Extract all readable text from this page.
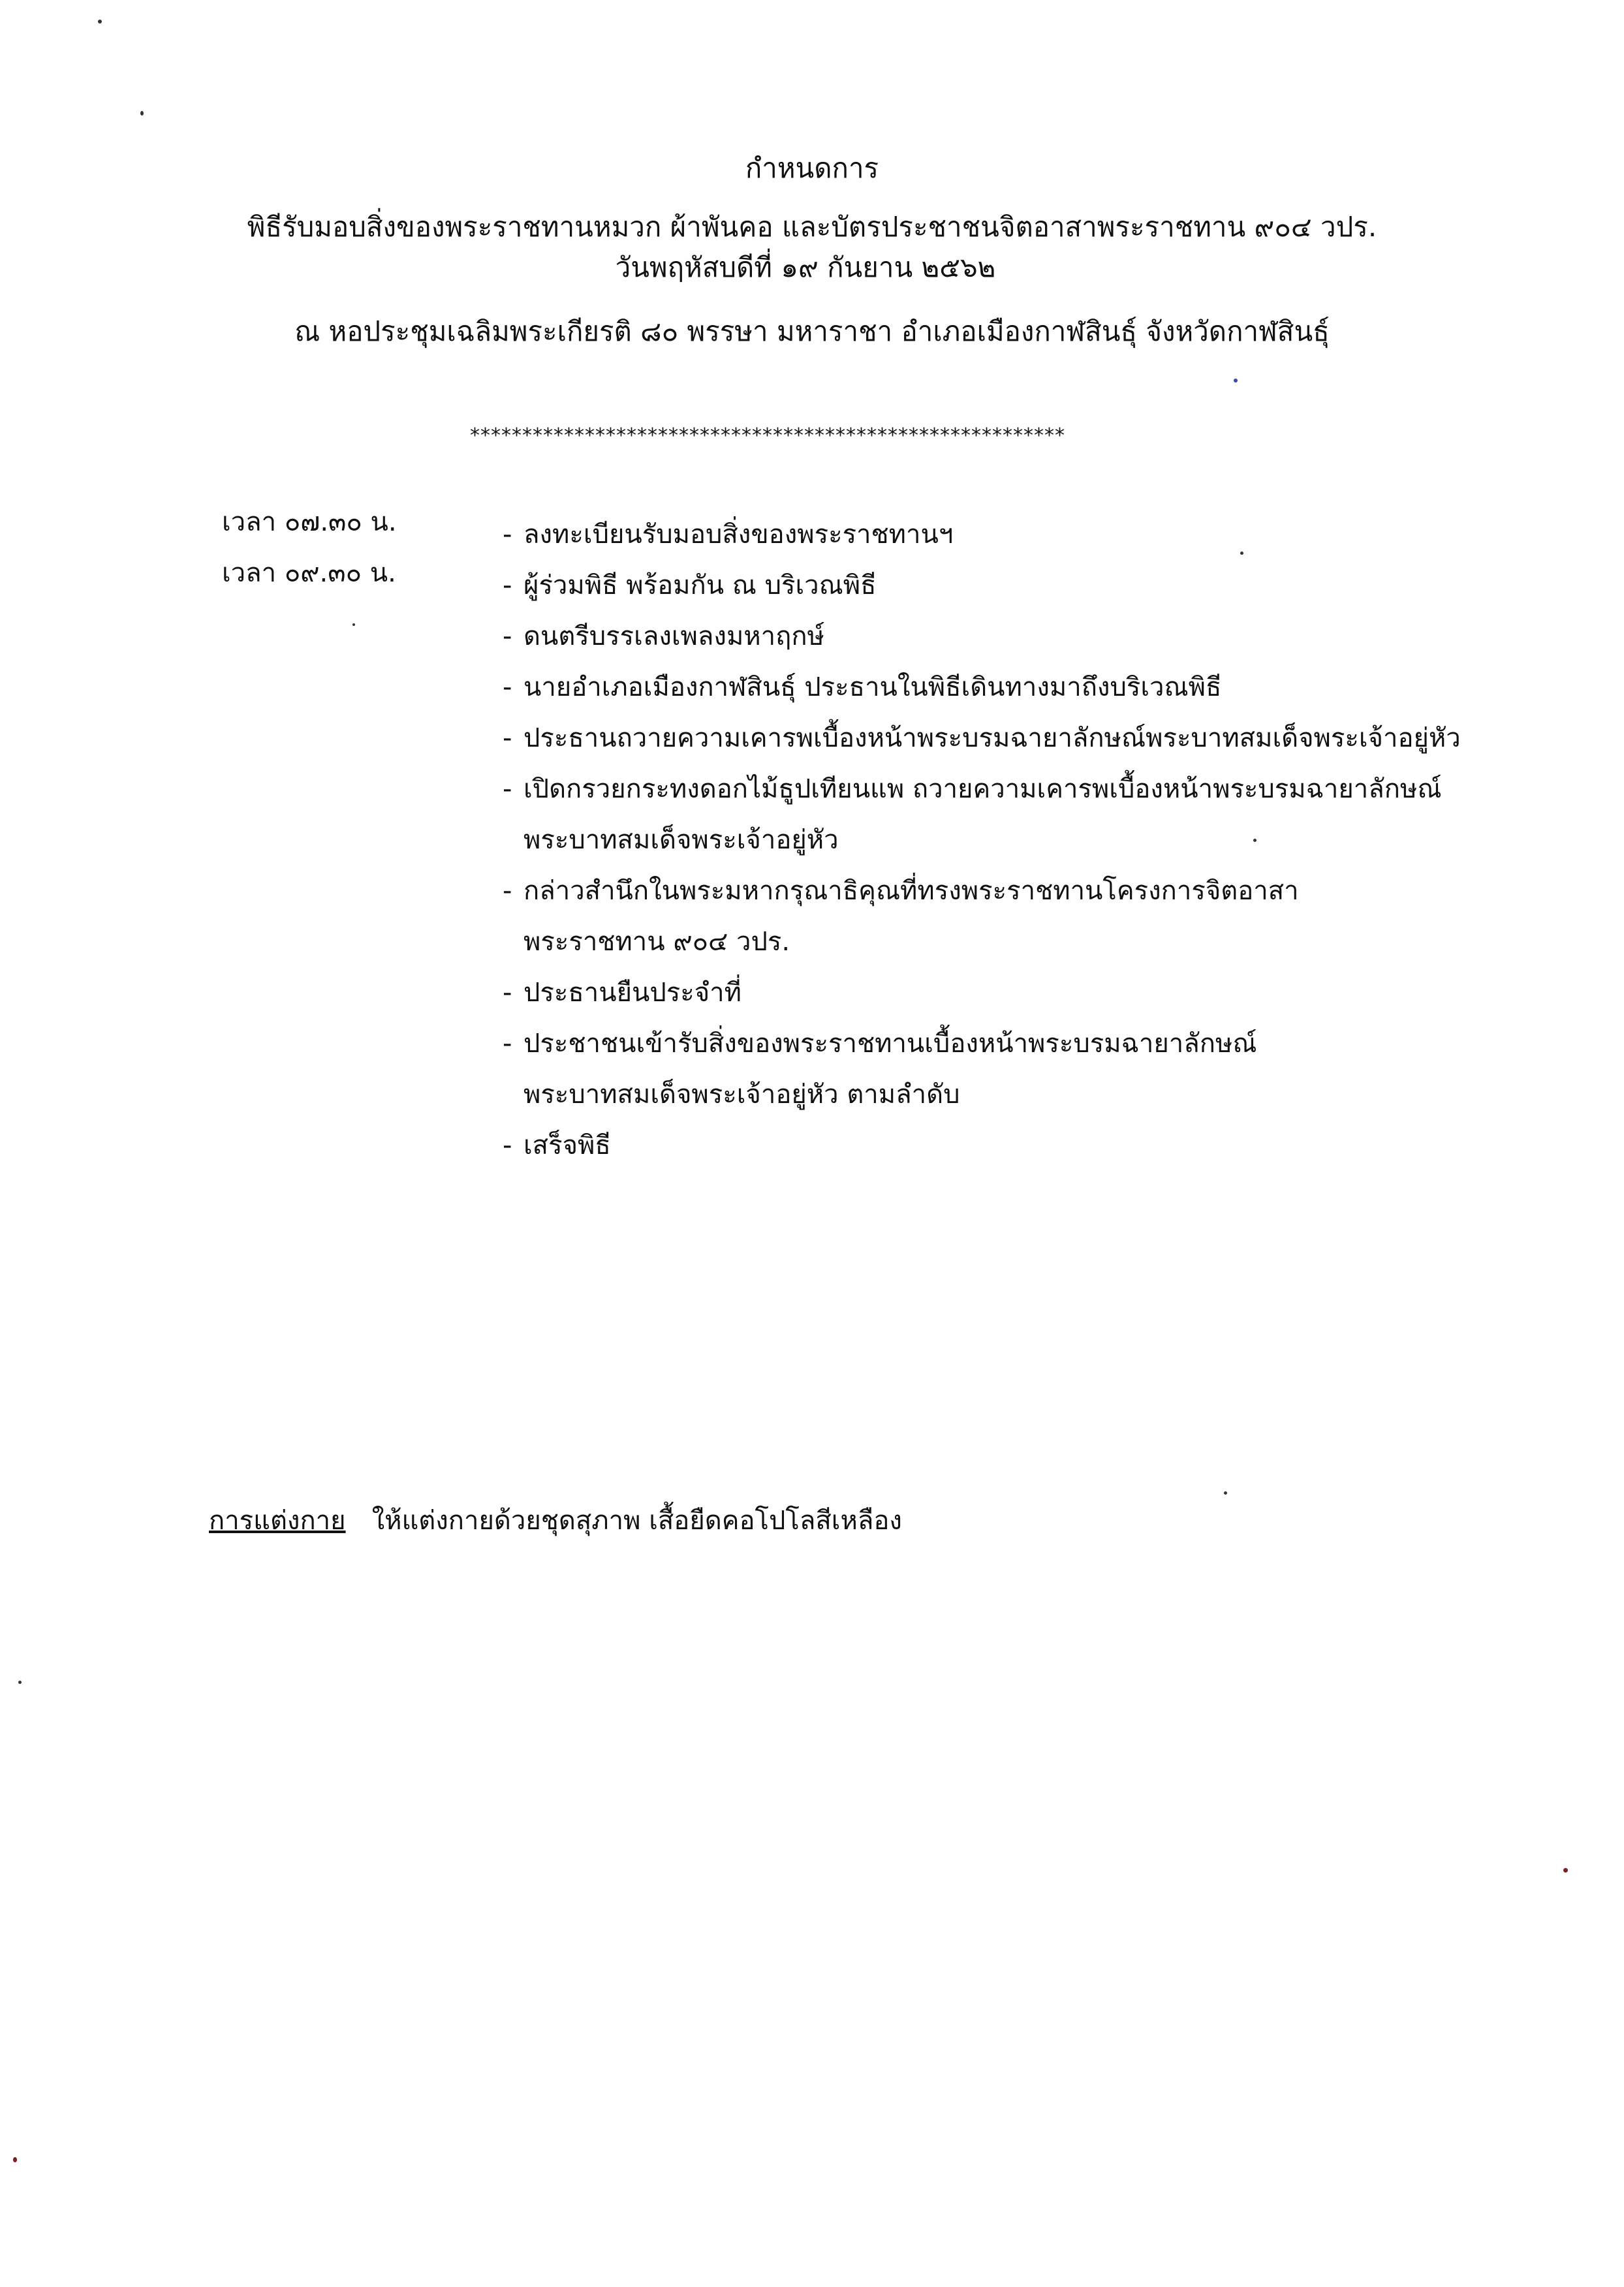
กำหนดการ
พิธีรับมอบสิ่งของพระราชทานหมวก ผ้าพันคอ และบัตรประชาชนจิตอาสาพระราชทาน ๙๐๔ วปร.
วันพฤหัสบดีที่ ๑๙ กันยาน ๒๕๖๒
ณ หอประชุมเฉลิมพระเกียรติ ๘๐ พรรษา มหาราชา อำเภอเมืองกาฬสินธุ์ จังหวัดกาฬสินธุ์
*********************************************************
เวลา ๐๗.๓๐ น.
เวลา ๐๙.๓๐ น.
- ลงทะเบียนรับมอบสิ่งของพระราชทานฯ
- ผู้ร่วมพิธี พร้อมกัน ณ บริเวณพิธี
- ดนตรีบรรเลงเพลงมหาฤกษ์
- นายอำเภอเมืองกาฬสินธุ์ ประธานในพิธีเดินทางมาถึงบริเวณพิธี
- ประธานถวายความเคารพเบื้องหน้าพระบรมฉายาลักษณ์พระบาทสมเด็จพระเจ้าอยู่หัว
- เปิดกรวยกระทงดอกไม้ธูปเทียนแพ ถวายความเคารพเบื้องหน้าพระบรมฉายาลักษณ์
พระบาทสมเด็จพระเจ้าอยู่หัว
- กล่าวสำนึกในพระมหากรุณาธิคุณที่ทรงพระราชทานโครงการจิตอาสา
พระราชทาน ๙๐๔ วปร.
- ประธานยืนประจำที่
- ประชาชนเข้ารับสิ่งของพระราชทานเบื้องหน้าพระบรมฉายาลักษณ์
พระบาทสมเด็จพระเจ้าอยู่หัว ตามลำดับ
- เสร็จพิธี
การแต่งกาย ให้แต่งกายด้วยชุดสุภาพ เสื้อยืดคอโปโลสีเหลือง
